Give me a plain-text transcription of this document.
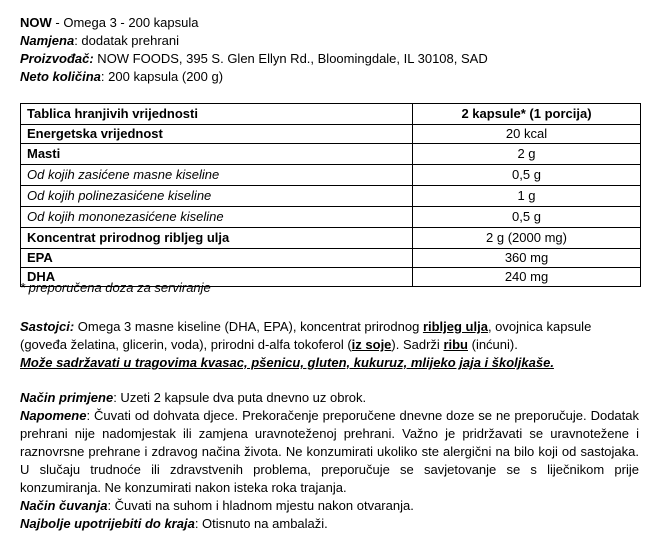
NOW - Omega 3 - 200 kapsula
Namjena: dodatak prehrani
Proizvođač: NOW FOODS, 395 S. Glen Ellyn Rd., Bloomingdale, IL 30108, SAD
Neto količina: 200 kapsula (200 g)
Tablica hranjivih vrijednosti	2 kapsule* (1 porcija)
Energetska vrijednost	20 kcal
Masti	2 g
Od kojih zasićene masne kiseline	0,5 g
Od kojih polinezasićene kiseline	1 g
Od kojih mononezasićene kiseline	0,5 g
Koncentrat prirodnog ribljeg ulja	2 g (2000 mg)
EPA	360 mg
DHA	240 mg
* preporučena doza za serviranje
Sastojci: Omega 3 masne kiseline (DHA, EPA), koncentrat prirodnog ribljeg ulja, ovojnica kapsule (goveđa želatina, glicerin, voda), prirodni d-alfa tokoferol (iz soje). Sadrži ribu (inćuni).
Može sadržavati u tragovima kvasac, pšenicu, gluten, kukuruz, mlijeko jaja i školjkaše.
Način primjene: Uzeti 2 kapsule dva puta dnevno uz obrok.
Napomene: Čuvati od dohvata djece. Prekoračenje preporučene dnevne doze se ne preporučuje. Dodatak prehrani nije nadomjestak ili zamjena uravnoteženoj prehrani. Važno je pridržavati se uravnotežene i raznovrsne prehrane i zdravog načina života. Ne konzumirati ukoliko ste alergični na bilo koji od sastojaka. U slučaju trudnoće ili zdravstvenih problema, preporučuje se savjetovanje se s liječnikom prije konzumiranja. Ne konzumirati nakon isteka roka trajanja.
Način čuvanja: Čuvati na suhom i hladnom mjestu nakon otvaranja.
Najbolje upotrijebiti do kraja: Otisnuto na ambalaži.
